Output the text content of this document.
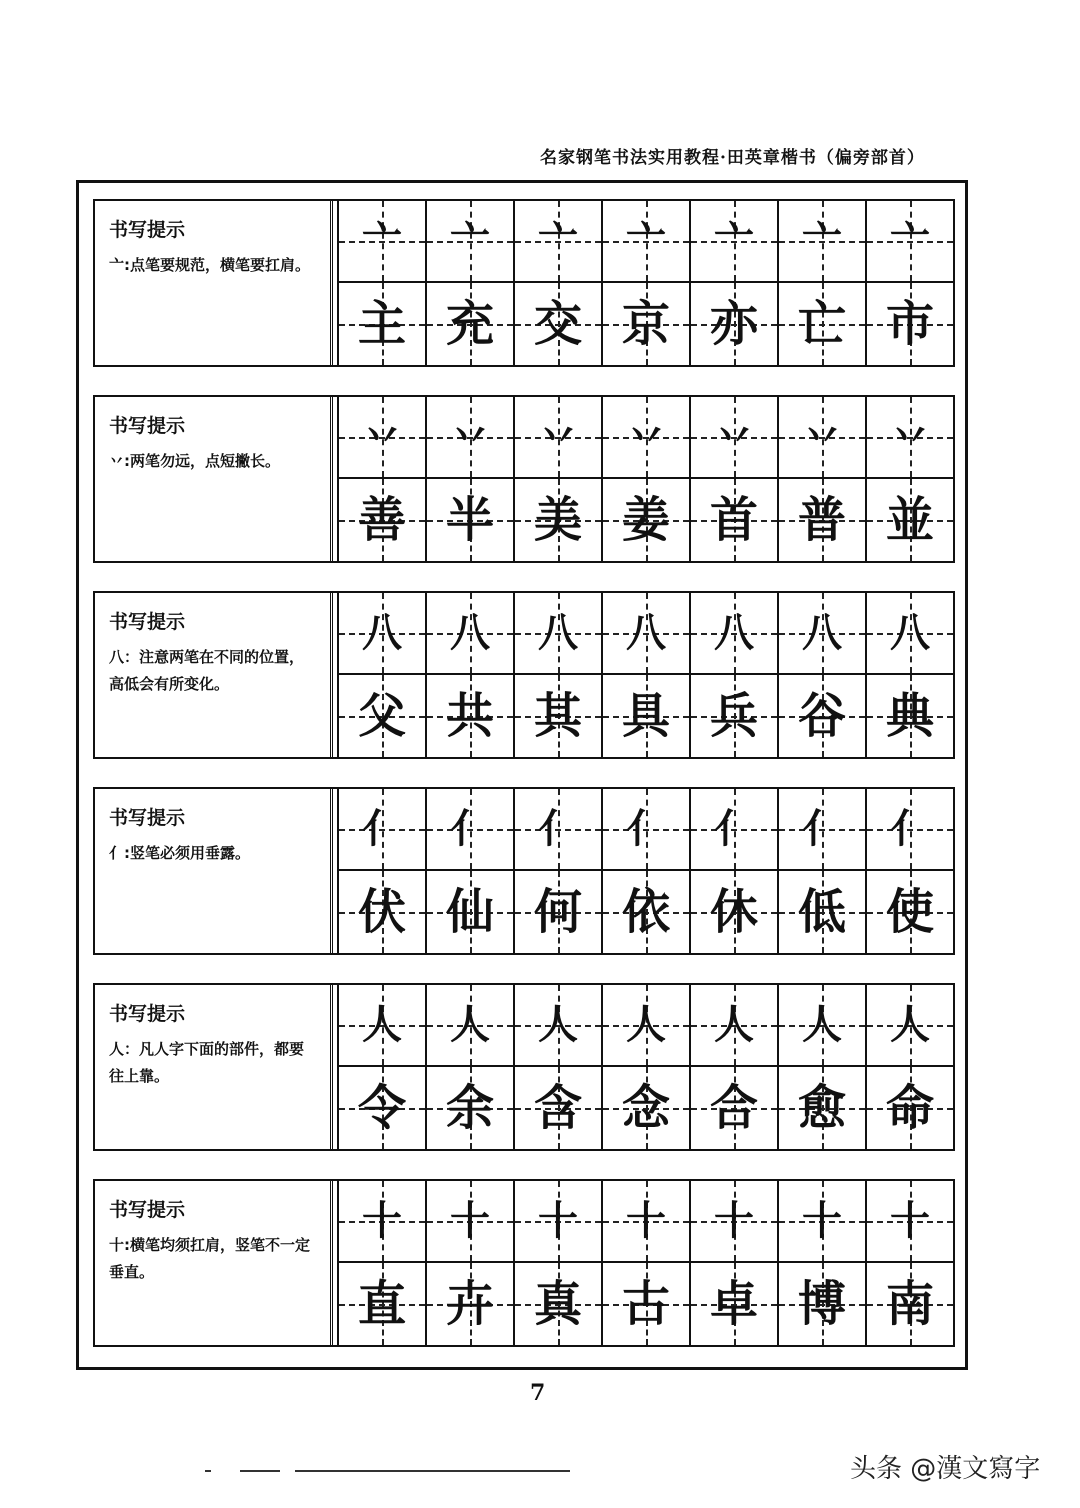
名家钢笔书法实用教程·田英章楷书（偏旁部首）
书写提示
亠:点笔要规范，横笔要扛肩。
亠 亠 亠 亠 亠 亠 亠
主 充 交 京 亦 亡 市
书写提示
丷:两笔勿远，点短撇长。
丷 丷 丷 丷 丷 丷 丷
善 半 美 姜 首 普 並
书写提示
八：注意两笔在不同的位置，高低会有所变化。
八 八 八 八 八 八 八
父 共 其 具 兵 谷 典
书写提示
亻:竖笔必须用垂露。
亻 亻 亻 亻 亻 亻 亻
伏 仙 何 依 休 低 使
书写提示
人：凡人字下面的部件，都要往上靠。
人 人 人 人 人 人 人
令 余 含 念 合 愈 命
书写提示
十:横笔均须扛肩，竖笔不一定垂直。
十 十 十 十 十 十 十
直 卉 真 古 卓 博 南
7
头条 @漢文寫字
